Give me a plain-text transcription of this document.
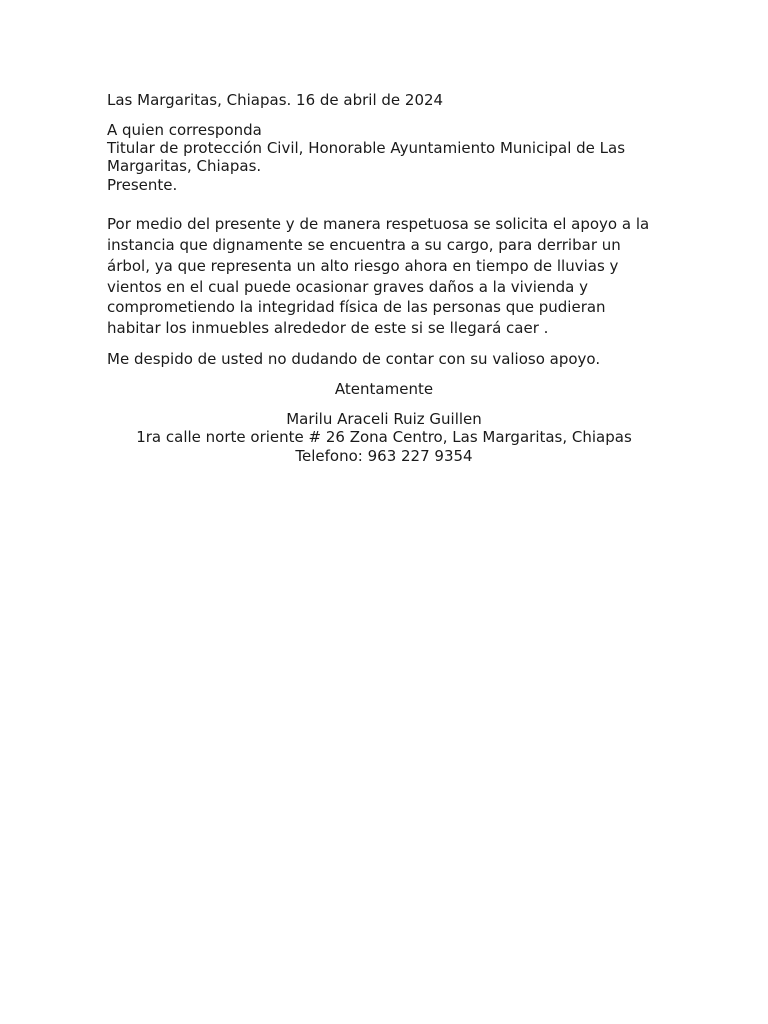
Las Margaritas, Chiapas. 16 de abril de 2024
A quien corresponda
Titular de protección Civil, Honorable Ayuntamiento Municipal de Las
Margaritas, Chiapas.
Presente.
Por medio del presente y de manera respetuosa se solicita el apoyo a la
instancia que dignamente se encuentra a su cargo, para derribar un
árbol, ya que representa un alto riesgo ahora en tiempo de lluvias y
vientos en el cual puede ocasionar graves daños a la vivienda y
comprometiendo la integridad física de las personas que pudieran
habitar los inmuebles alrededor de este si se llegará caer .
Me despido de usted no dudando de contar con su valioso apoyo.
Atentamente
Marilu Araceli Ruiz Guillen
1ra calle norte oriente # 26 Zona Centro, Las Margaritas, Chiapas
Telefono: 963 227 9354
